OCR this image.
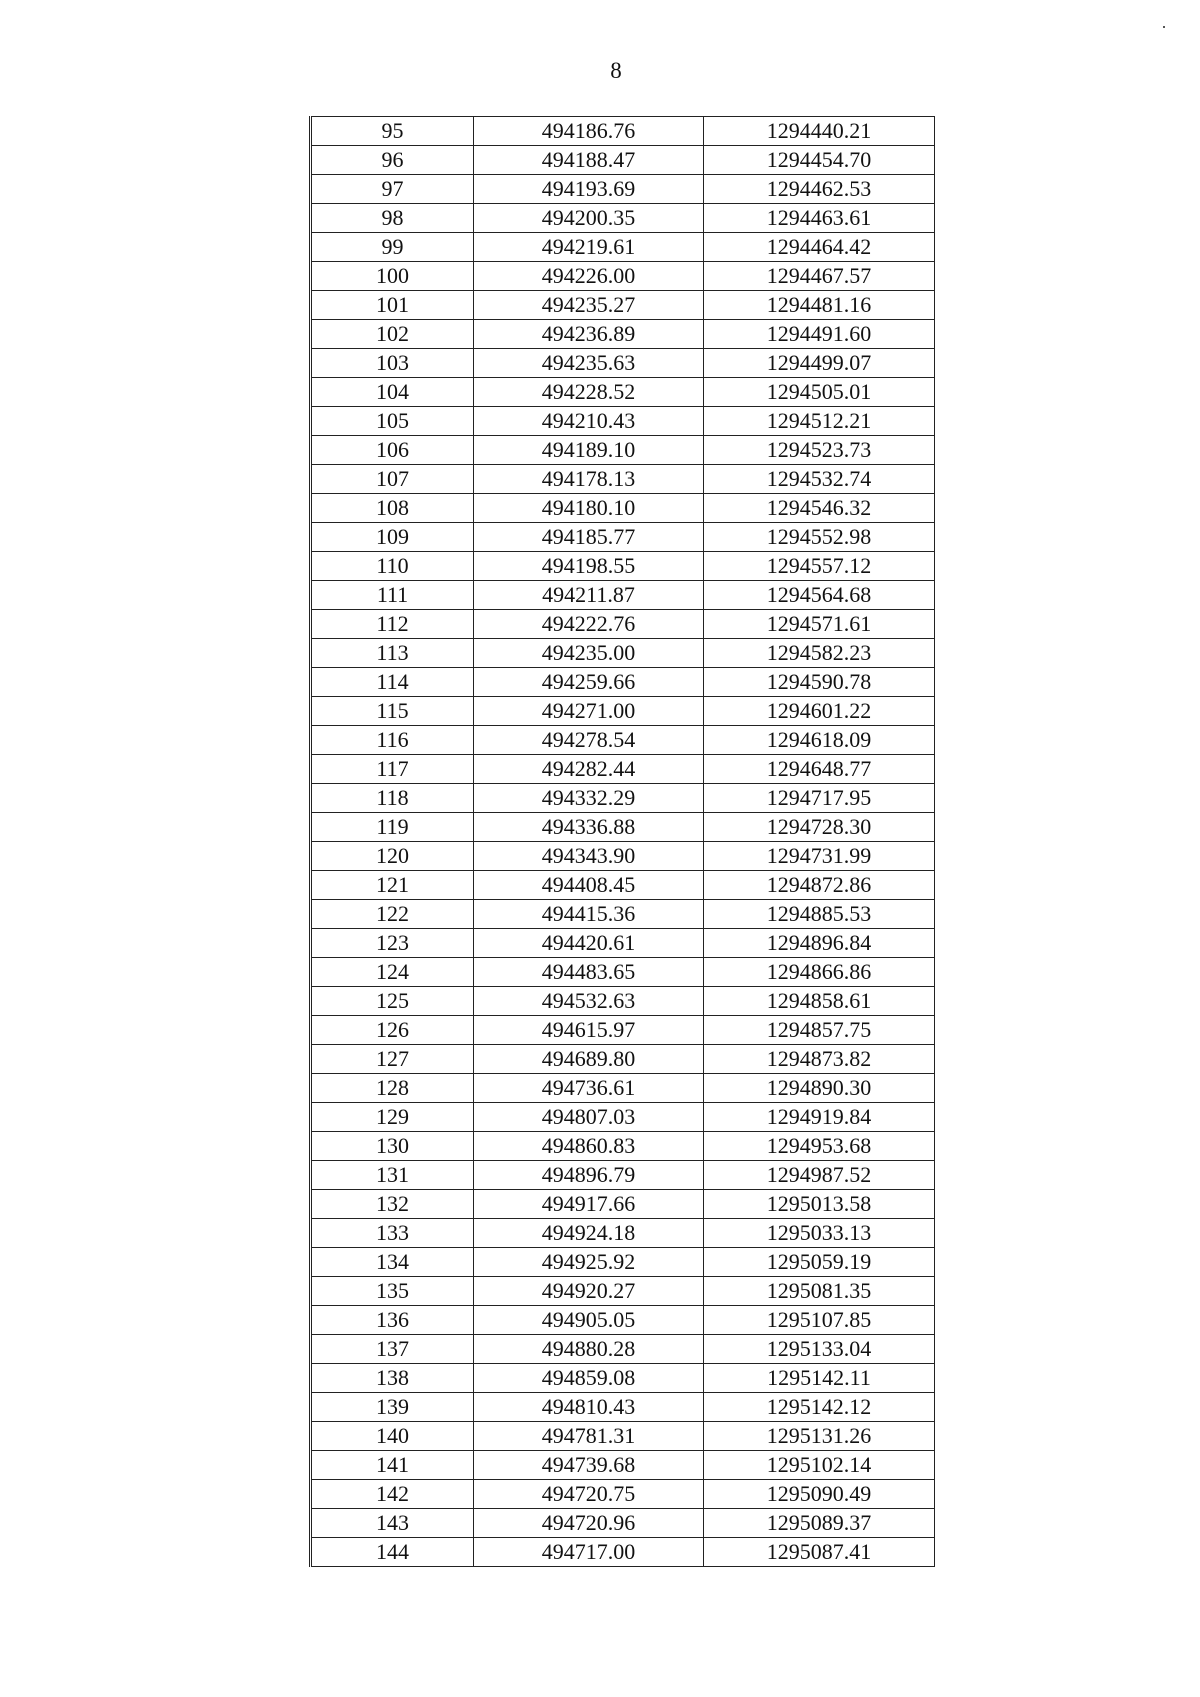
8
95	494186.76	1294440.21
96	494188.47	1294454.70
97	494193.69	1294462.53
98	494200.35	1294463.61
99	494219.61	1294464.42
100	494226.00	1294467.57
101	494235.27	1294481.16
102	494236.89	1294491.60
103	494235.63	1294499.07
104	494228.52	1294505.01
105	494210.43	1294512.21
106	494189.10	1294523.73
107	494178.13	1294532.74
108	494180.10	1294546.32
109	494185.77	1294552.98
110	494198.55	1294557.12
111	494211.87	1294564.68
112	494222.76	1294571.61
113	494235.00	1294582.23
114	494259.66	1294590.78
115	494271.00	1294601.22
116	494278.54	1294618.09
117	494282.44	1294648.77
118	494332.29	1294717.95
119	494336.88	1294728.30
120	494343.90	1294731.99
121	494408.45	1294872.86
122	494415.36	1294885.53
123	494420.61	1294896.84
124	494483.65	1294866.86
125	494532.63	1294858.61
126	494615.97	1294857.75
127	494689.80	1294873.82
128	494736.61	1294890.30
129	494807.03	1294919.84
130	494860.83	1294953.68
131	494896.79	1294987.52
132	494917.66	1295013.58
133	494924.18	1295033.13
134	494925.92	1295059.19
135	494920.27	1295081.35
136	494905.05	1295107.85
137	494880.28	1295133.04
138	494859.08	1295142.11
139	494810.43	1295142.12
140	494781.31	1295131.26
141	494739.68	1295102.14
142	494720.75	1295090.49
143	494720.96	1295089.37
144	494717.00	1295087.41
